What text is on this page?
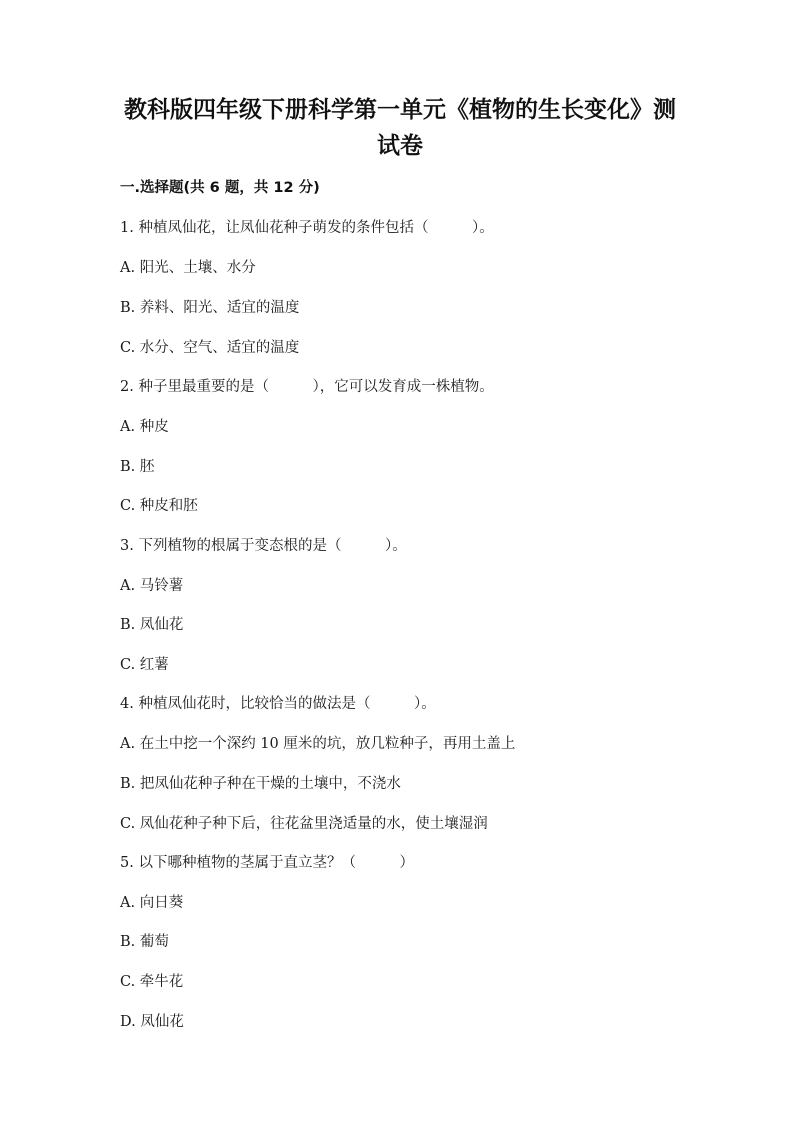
教科版四年级下册科学第一单元《植物的生长变化》测试卷
一.选择题(共 6 题，共 12 分)
1. 种植凤仙花，让凤仙花种子萌发的条件包括（　　　）。
A. 阳光、土壤、水分
B. 养料、阳光、适宜的温度
C. 水分、空气、适宜的温度
2. 种子里最重要的是（　　　），它可以发育成一株植物。
A. 种皮
B. 胚
C. 种皮和胚
3. 下列植物的根属于变态根的是（　　　）。
A. 马铃薯
B. 凤仙花
C. 红薯
4. 种植凤仙花时，比较恰当的做法是（　　　）。
A. 在土中挖一个深约 10 厘米的坑，放几粒种子，再用土盖上
B. 把凤仙花种子种在干燥的土壤中，不浇水
C. 凤仙花种子种下后，往花盆里浇适量的水，使土壤湿润
5. 以下哪种植物的茎属于直立茎？（　　　）
A. 向日葵
B. 葡萄
C. 牵牛花
D. 凤仙花
